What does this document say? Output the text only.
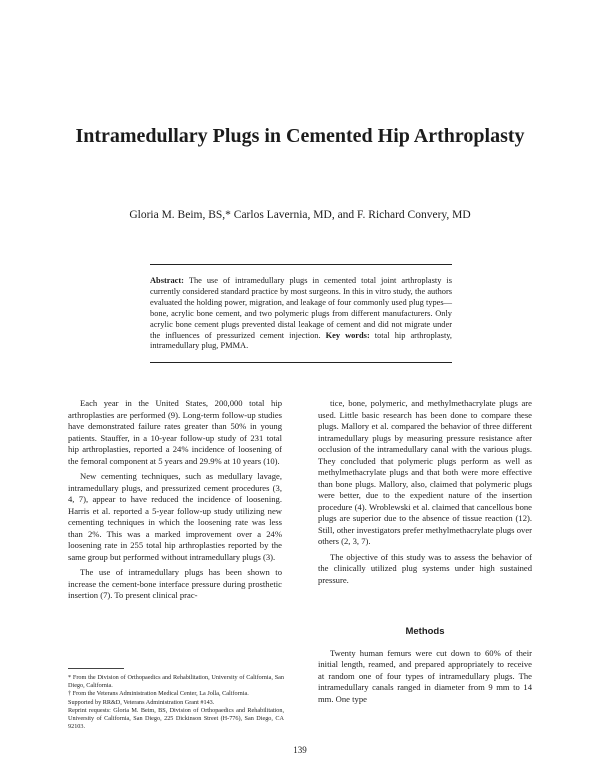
Intramedullary Plugs in Cemented Hip Arthroplasty
Gloria M. Beim, BS,* Carlos Lavernia, MD, and F. Richard Convery, MD
Abstract: The use of intramedullary plugs in cemented total joint arthroplasty is currently considered standard practice by most surgeons. In this in vitro study, the authors evaluated the holding power, migration, and leakage of four commonly used plug types—bone, acrylic bone cement, and two polymeric plugs from different manufacturers. Only acrylic bone cement plugs prevented distal leakage of cement and did not migrate under the influences of pressurized cement injection. Key words: total hip arthroplasty, intramedullary plug, PMMA.

Each year in the United States, 200,000 total hip arthroplasties are performed (9). Long-term follow-up studies have demonstrated failure rates greater than 50% in young patients. Stauffer, in a 10-year follow-up study of 231 total hip arthroplasties, reported a 24% incidence of loosening of the femoral component at 5 years and 29.9% at 10 years (10).

New cementing techniques, such as medullary lavage, intramedullary plugs, and pressurized cement procedures (3, 4, 7), appear to have reduced the incidence of loosening. Harris et al. reported a 5-year follow-up study utilizing new cementing techniques in which the loosening rate was less than 2%. This was a marked improvement over a 24% loosening rate in 255 total hip arthroplasties reported by the same group but performed without intramedullary plugs (3).

The use of intramedullary plugs has been shown to increase the cement-bone interface pressure during prosthetic insertion (7). To present clinical prac-

tice, bone, polymeric, and methylmethacrylate plugs are used. Little basic research has been done to compare these plugs. Mallory et al. compared the behavior of three different intramedullary plugs by measuring pressure resistance after occlusion of the intramedullary canal with the various plugs. They concluded that polymeric plugs perform as well as methylmethacrylate plugs and that both were more effective than bone plugs. Mallory, also, claimed that polymeric plugs were better, due to the expedient nature of the insertion procedure (4). Wroblewski et al. claimed that cancellous bone plugs are superior due to the absence of tissue reaction (12). Still, other investigators prefer methylmethacrylate plugs over others (2, 3, 7).

The objective of this study was to assess the behavior of the clinically utilized plug systems under high sustained pressure.

Methods

Twenty human femurs were cut down to 60% of their initial length, reamed, and prepared appropriately to receive at random one of four types of intramedullary plugs. The intramedullary canals ranged in diameter from 9 mm to 14 mm. One type

* From the Division of Orthopaedics and Rehabilitation, University of California, San Diego, California.
† From the Veterans Administration Medical Center, La Jolla, California.
Supported by RR&D, Veterans Administration Grant #143.
Reprint requests: Gloria M. Beim, BS, Division of Orthopaedics and Rehabilitation, University of California, San Diego, 225 Dickinson Street (H-776), San Diego, CA 92103.
139
